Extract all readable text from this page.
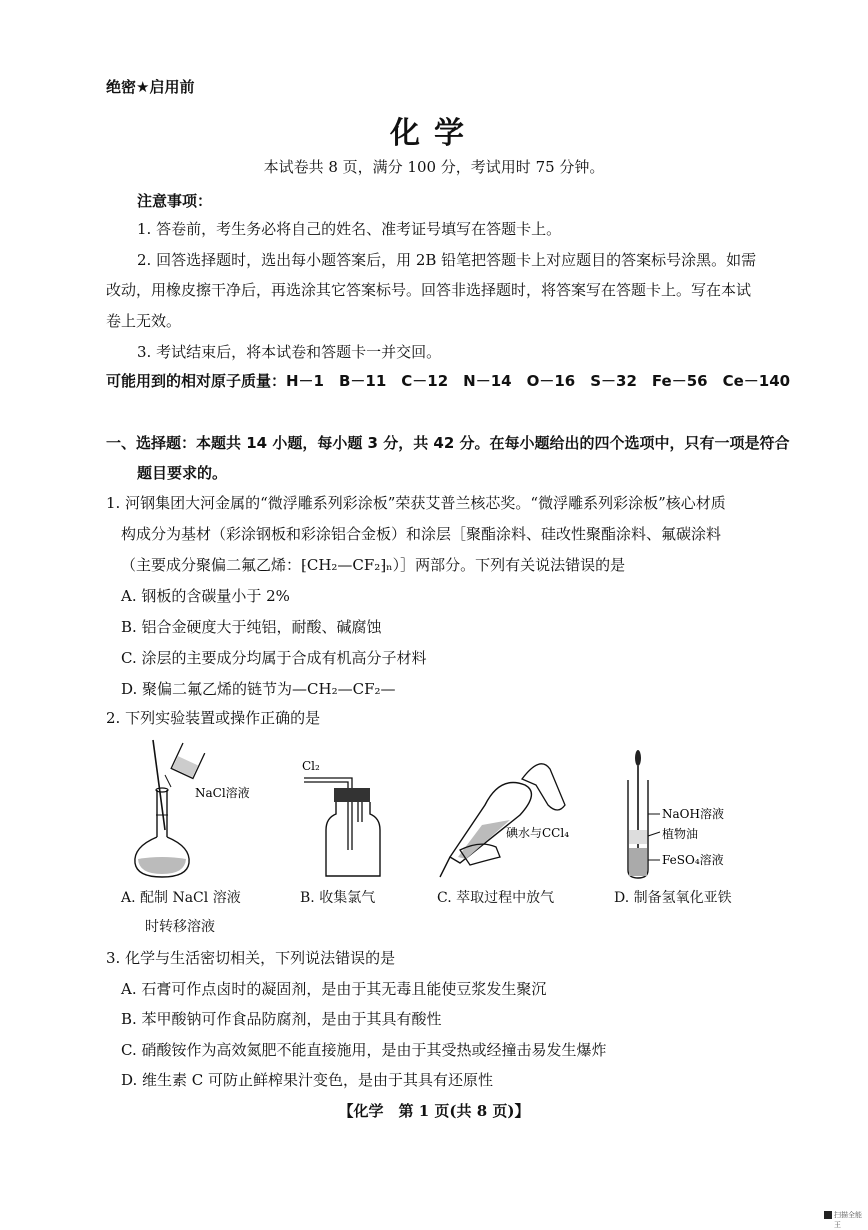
绝密★启用前
化学
本试卷共 8 页，满分 100 分，考试用时 75 分钟。
注意事项：
1. 答卷前，考生务必将自己的姓名、准考证号填写在答题卡上。
2. 回答选择题时，选出每小题答案后，用 2B 铅笔把答题卡上对应题目的答案标号涂黑。如需
改动，用橡皮擦干净后，再选涂其它答案标号。回答非选择题时，将答案写在答题卡上。写在本试
卷上无效。
3. 考试结束后，将本试卷和答题卡一并交回。
可能用到的相对原子质量：H－1　B－11　C－12　N－14　O－16　S－32　Fe－56　Ce－140
一、选择题：本题共 14 小题，每小题 3 分，共 42 分。在每小题给出的四个选项中，只有一项是符合
题目要求的。
1. 河钢集团大河金属的“微浮雕系列彩涂板”荣获艾普兰核芯奖。“微浮雕系列彩涂板”核心材质
构成分为基材（彩涂钢板和彩涂铝合金板）和涂层［聚酯涂料、硅改性聚酯涂料、氟碳涂料
（主要成分聚偏二氟乙烯：⁅CH₂—CF₂⁆ₙ）］两部分。下列有关说法错误的是
A. 钢板的含碳量小于 2%
B. 铝合金硬度大于纯铝，耐酸、碱腐蚀
C. 涂层的主要成分均属于合成有机高分子材料
D. 聚偏二氟乙烯的链节为—CH₂—CF₂—
2. 下列实验装置或操作正确的是
NaCl溶液
Cl₂
碘水与CCl₄
NaOH溶液
植物油
FeSO₄溶液
A. 配制 NaCl 溶液
时转移溶液
B. 收集氯气	C. 萃取过程中放气	D. 制备氢氧化亚铁
3. 化学与生活密切相关，下列说法错误的是
A. 石膏可作点卤时的凝固剂，是由于其无毒且能使豆浆发生聚沉
B. 苯甲酸钠可作食品防腐剂，是由于其具有酸性
C. 硝酸铵作为高效氮肥不能直接施用，是由于其受热或经撞击易发生爆炸
D. 维生素 C 可防止鲜榨果汁变色，是由于其具有还原性
【化学　第 1 页(共 8 页)】
扫描全能王
